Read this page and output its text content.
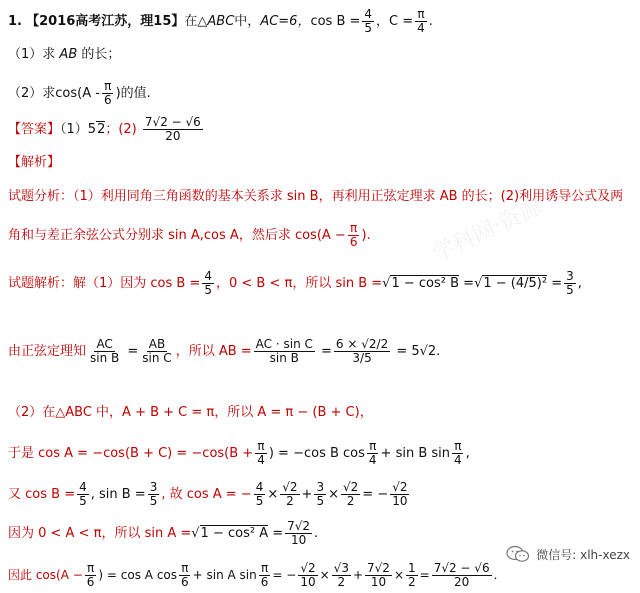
学科网·资源
1. 【2016高考江苏，理15】在△ABC中，AC=6，$\cos B = \frac{4}{5}$ ，$C = \frac{\pi}{4}$ .
（1）求 AB 的长；
（2）求$\cos(A - \frac{\pi}{6}$ )的值.
【答案】（1）52；$(2) \frac{7√2 - √6}{20}$
【解析】
试题分析：（1）利用同角三角函数的基本关系求 sin B，再利用正弦定理求 AB 的长；(2)利用诱导公式及两
角和与差正余弦公式分别求 sin A,cos A，然后求 $\cos(A - \frac{\pi}{6}$ ).
试题解析：解（1）因为 $\cos B = \frac{4}{5}$ ，0 < B < π，所以 sin B = √ 1 − cos² B = √ $1 - (4/5)^2 = \frac{3}{5}$ ,
由正弦定理知 $\frac{AC}{\text{sin B}} = \frac{AB}{\text{sin C}}$ ，所以 AB = $\frac{\text{AC · sin C}}{\text{sin B}} = \frac{6 \times √2/2}{3/5} = 5√2$.
（2）在△ABC 中，A + B + C = π，所以 A = π − (B + C)，
于是 $\cos A = -\cos(B + C) = -\cos(B + \frac{\pi}{4}$ ) = −cos B $\cos \frac{\pi}{4} + \sin B$ $\sin \frac{\pi}{4}$ ,
又 $\cos B = \frac{4}{5}$ , $\sin B = \frac{3}{5}$ , 故 cos A = − $\frac{4}{5} \times \frac{√2}{2} + \frac{3}{5} \times \frac{√2}{2}$ = − $\frac{√2}{10}$
因为 0 < A < π，所以 sin A = √ 1 − cos² $A = \frac{7√2}{10}$ .
因此 $\cos(A - \frac{\pi}{6}$ ) = cos A $\cos \frac{\pi}{6} + \sin A$ $\sin \frac{\pi}{6}$ = − $\frac{√2}{10} \times \frac{√3}{2} + \frac{7√2}{10} \times \frac{1}{2} = \frac{7√2 - √6}{20}$ .
微信号: xlh-xezx
